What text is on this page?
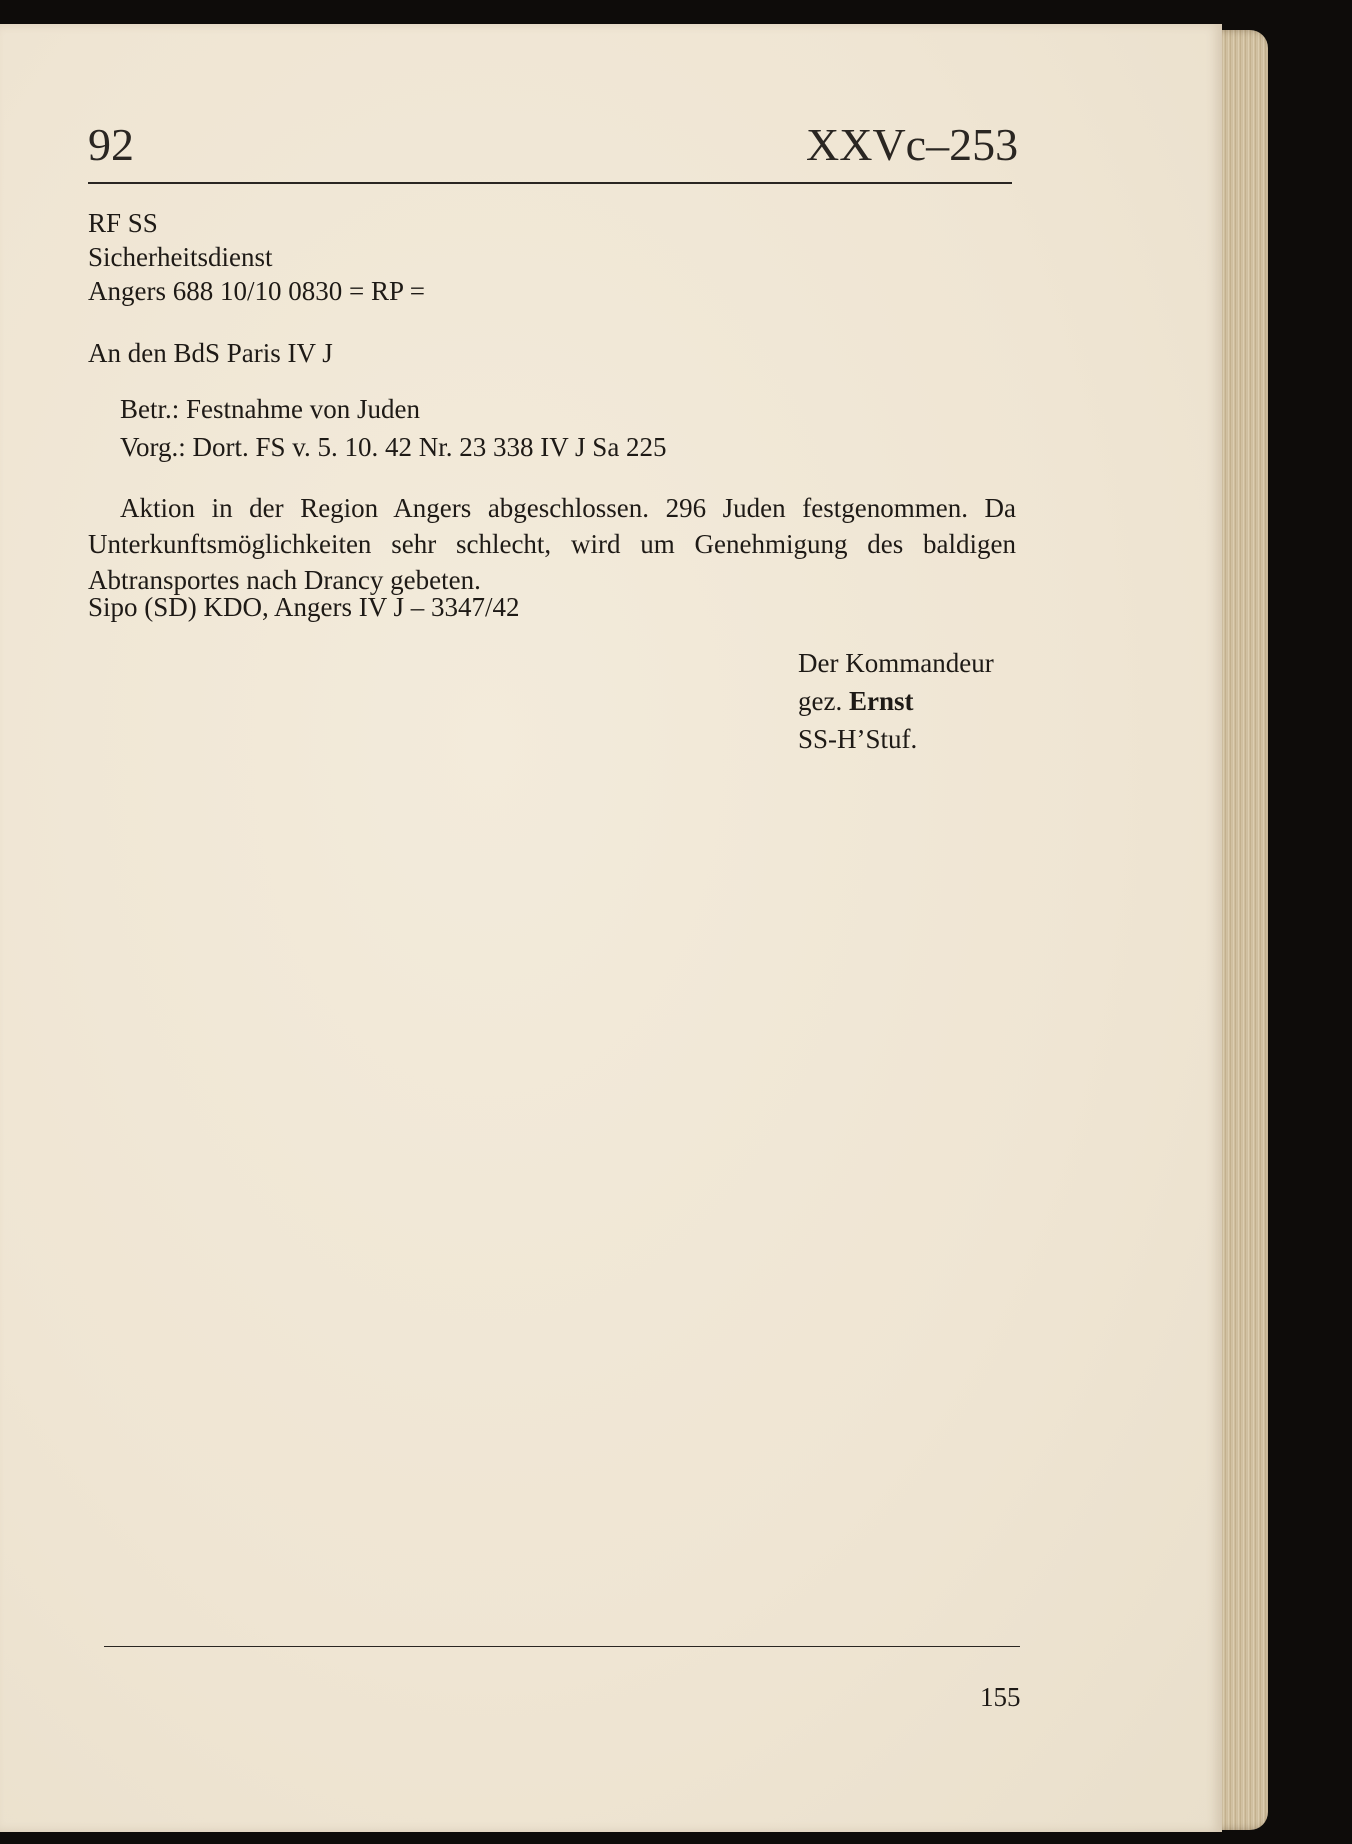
92	XXVc–253
RF SS
Sicherheitsdienst
Angers 688 10/10 0830 = RP =
An den BdS Paris IV J
Betr.: Festnahme von Juden
Vorg.: Dort. FS v. 5. 10. 42 Nr. 23 338 IV J Sa 225
Aktion in der Region Angers abgeschlossen. 296 Juden festgenommen. Da Unterkunftsmöglichkeiten sehr schlecht, wird um Genehmigung des baldigen Abtransportes nach Drancy gebeten.
Sipo (SD) KDO, Angers IV J – 3347/42
Der Kommandeur
gez. Ernst
SS-H’Stuf.
155
